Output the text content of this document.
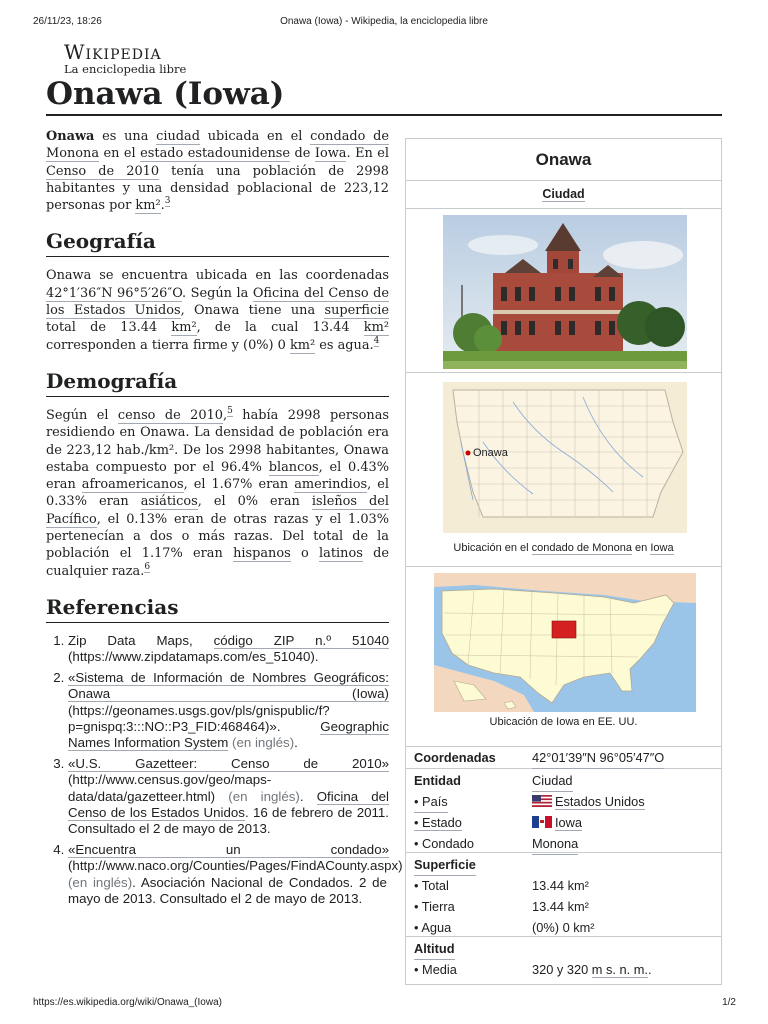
26/11/23, 18:26	Onawa (Iowa) - Wikipedia, la enciclopedia libre
Wikipedia
La enciclopedia libre
Onawa (Iowa)

Onawa es una ciudad ubicada en el condado de Monona en el estado estadounidense de Iowa. En el Censo de 2010 tenía una población de 2998 habitantes y una densidad poblacional de 223,12 personas por km².$^3$

Geografía

Onawa se encuentra ubicada en las coordenadas 42°1′36″N 96°5′26″O. Según la Oficina del Censo de los Estados Unidos, Onawa tiene una superficie total de 13.44 km², de la cual 13.44 km² corresponden a tierra firme y (0%) 0 km² es agua.$^4$

Demografía

Según el censo de 2010,$^5$ había 2998 personas residiendo en Onawa. La densidad de población era de 223,12 hab./km². De los 2998 habitantes, Onawa estaba compuesto por el 96.4% blancos, el 0.43% eran afroamericanos, el 1.67% eran amerindios, el 0.33% eran asiáticos, el 0% eran isleños del Pacífico, el 0.13% eran de otras razas y el 1.03% pertenecían a dos o más razas. Del total de la población el 1.17% eran hispanos o latinos de cualquier raza.$^6$

Referencias
1. Zip Data Maps, código ZIP n.º 51040 (https://www.zipdatamaps.com/es_51040).
2. «Sistema de Información de Nombres Geográficos: Onawa (Iowa) (https://geonames.usgs.gov/pls/gnispublic/f?p=gnispq:3:::NO::P3_FID:468464)». Geographic Names Information System (en inglés).
3. «U.S. Gazetteer: Censo de 2010» (http://www.census.gov/geo/maps-data/data/gazetteer.html) (en inglés). Oficina del Censo de los Estados Unidos. 16 de febrero de 2011. Consultado el 2 de mayo de 2013.
4. «Encuentra un condado» (http://www.naco.org/Counties/Pages/FindACounty.aspx) (en inglés). Asociación Nacional de Condados. 2 de mayo de 2013. Consultado el 2 de mayo de 2013.
Onawa
Ciudad
Onawa
Ubicación en el condado de Monona en Iowa
Ubicación de Iowa en EE. UU.
Coordenadas	42°01′39″N 96°05′47″O
Entidad	Ciudad
• País	Estados Unidos
• Estado	Iowa
• Condado	Monona
Superficie
• Total	13.44 km²
• Tierra	13.44 km²
• Agua	(0%) 0 km²
Altitud
• Media	320 y 320 m s. n. m..
https://es.wikipedia.org/wiki/Onawa_(Iowa)	1/2
